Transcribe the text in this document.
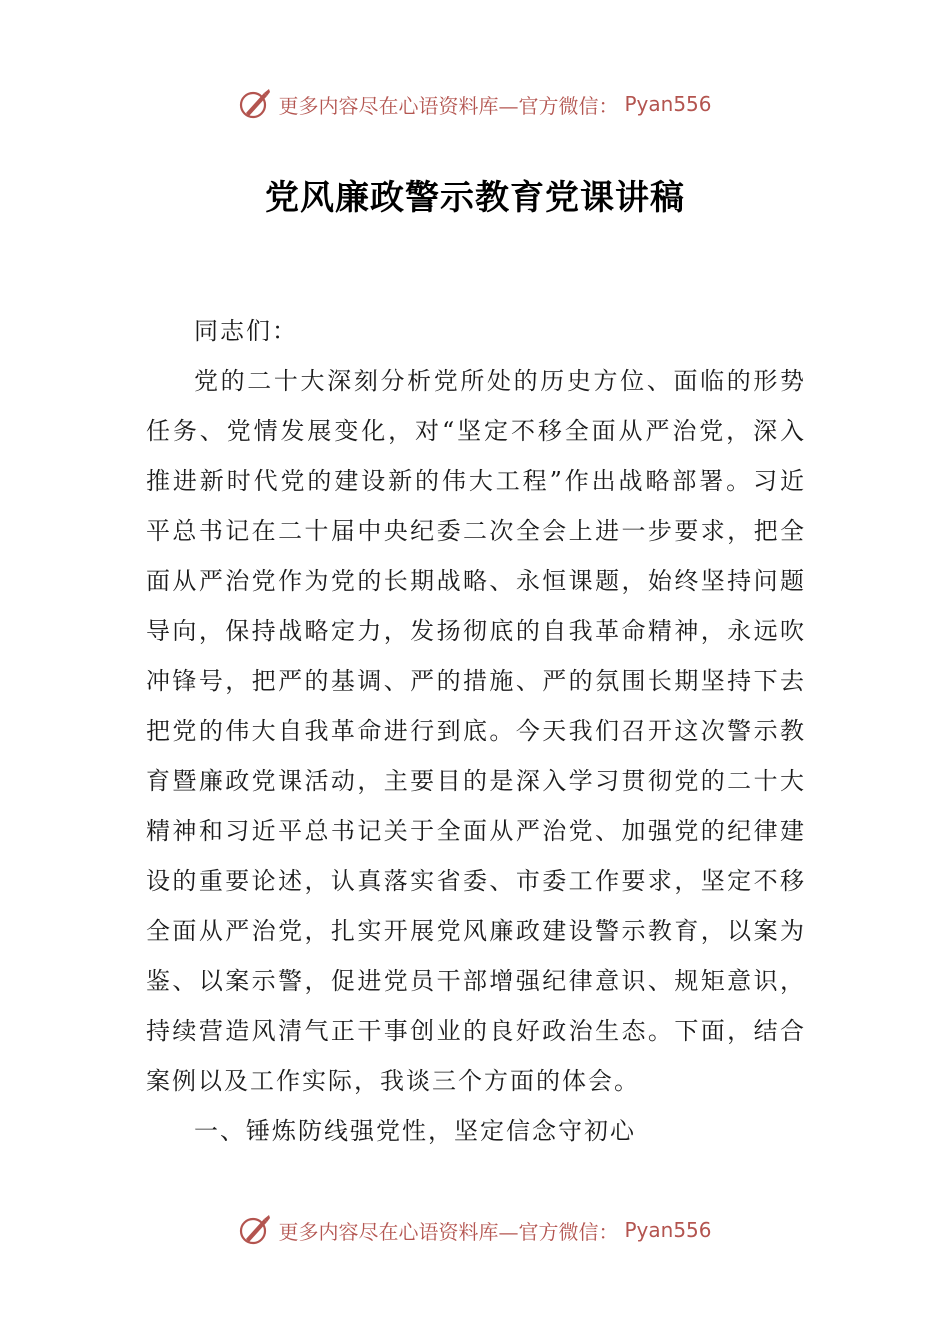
更多内容尽在心语资料库—官方微信： Pyan556
党风廉政警示教育党课讲稿

同志们：

党的二十大深刻分析党所处的历史方位、面临的形势任务、党情发展变化，对“坚定不移全面从严治党，深入推进新时代党的建设新的伟大工程”作出战略部署。习近平总书记在二十届中央纪委二次全会上进一步要求，把全面从严治党作为党的长期战略、永恒课题，始终坚持问题导向，保持战略定力，发扬彻底的自我革命精神，永远吹冲锋号，把严的基调、严的措施、严的氛围长期坚持下去把党的伟大自我革命进行到底。今天我们召开这次警示教育暨廉政党课活动，主要目的是深入学习贯彻党的二十大精神和习近平总书记关于全面从严治党、加强党的纪律建设的重要论述，认真落实省委、市委工作要求，坚定不移全面从严治党，扎实开展党风廉政建设警示教育，以案为鉴、以案示警，促进党员干部增强纪律意识、规矩意识，持续营造风清气正干事创业的良好政治生态。下面，结合案例以及工作实际，我谈三个方面的体会。

一、锤炼防线强党性，坚定信念守初心

更多内容尽在心语资料库—官方微信： Pyan556
